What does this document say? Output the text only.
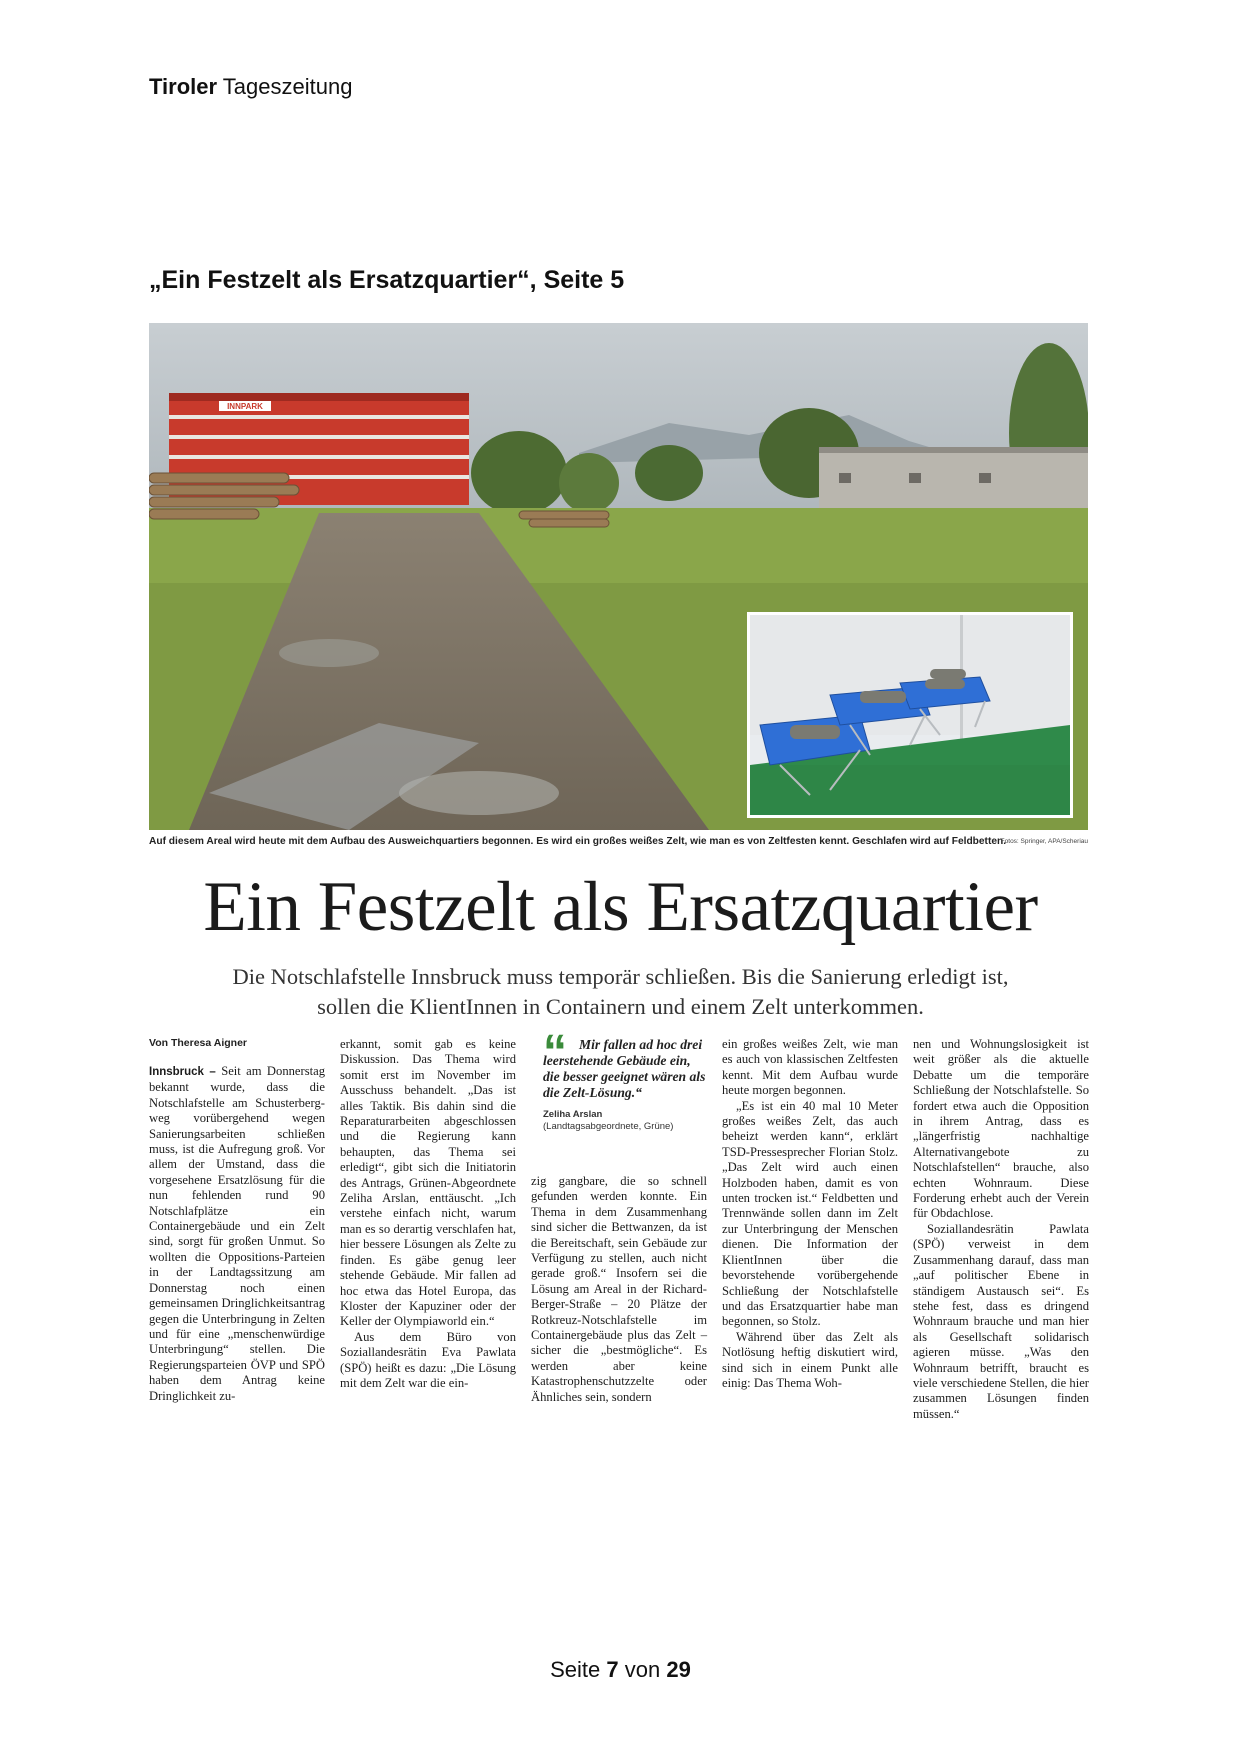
Tiroler Tageszeitung
„Ein Festzelt als Ersatzquartier“, Seite 5
INNPARK
Auf diesem Areal wird heute mit dem Aufbau des Ausweichquartiers begonnen. Es wird ein großes weißes Zelt, wie man es von Zeltfesten kennt. Geschlafen wird auf Feldbetten.
Fotos: Springer, APA/Scheriau
Ein Festzelt als Ersatzquartier
Die Notschlafstelle Innsbruck muss temporär schließen. Bis die Sanierung erledigt ist,
sollen die KlientInnen in Containern und einem Zelt unterkommen.
Von Theresa Aigner

Innsbruck – Seit am Donnerstag bekannt wurde, dass die Notschlafstelle am Schusterbergweg vorübergehend wegen Sanierungsarbeiten schließen muss, ist die Aufregung groß. Vor allem der Umstand, dass die vorgesehene Ersatzlösung für die nun fehlenden rund 90 Notschlafplätze ein Containergebäude und ein Zelt sind, sorgt für großen Unmut. So wollten die Oppositions-Parteien in der Landtagssitzung am Donnerstag noch einen gemeinsamen Dringlichkeitsantrag gegen die Unterbringung in Zelten und für eine „menschenwürdige Unterbringung“ stellen. Die Regierungsparteien ÖVP und SPÖ haben dem Antrag keine Dringlichkeit zu-

erkannt, somit gab es keine Diskussion. Das Thema wird somit erst im November im Ausschuss behandelt. „Das ist alles Taktik. Bis dahin sind die Reparaturarbeiten abgeschlossen und die Regierung kann behaupten, das Thema sei erledigt“, gibt sich die Initiatorin des Antrags, Grünen-Abgeordnete Zeliha Arslan, enttäuscht. „Ich verstehe einfach nicht, warum man es so derartig verschlafen hat, hier bessere Lösungen als Zelte zu finden. Es gäbe genug leer stehende Gebäude. Mir fallen ad hoc etwa das Hotel Europa, das Kloster der Kapuziner oder der Keller der Olympiaworld ein.“

Aus dem Büro von Soziallandesrätin Eva Pawlata (SPÖ) heißt es dazu: „Die Lösung mit dem Zelt war die ein-

“ Mir fallen ad hoc drei leerstehende Gebäude ein, die besser geeignet wären als die Zelt-Lösung.“
Zeliha Arslan
(Landtagsabgeordnete, Grüne)

zig gangbare, die so schnell gefunden werden konnte. Ein Thema in dem Zusammenhang sind sicher die Bettwanzen, da ist die Bereitschaft, sein Gebäude zur Verfügung zu stellen, auch nicht gerade groß.“ Insofern sei die Lösung am Areal in der Richard-Berger-Straße – 20 Plätze der Rotkreuz-Notschlafstelle im Containergebäude plus das Zelt – sicher die „bestmögliche“. Es werden aber keine Katastrophenschutzzelte oder Ähnliches sein, sondern

ein großes weißes Zelt, wie man es auch von klassischen Zeltfesten kennt. Mit dem Aufbau wurde heute morgen begonnen.

„Es ist ein 40 mal 10 Meter großes weißes Zelt, das auch beheizt werden kann“, erklärt TSD-Pressesprecher Florian Stolz. „Das Zelt wird auch einen Holzboden haben, damit es von unten trocken ist.“ Feldbetten und Trennwände sollen dann im Zelt zur Unterbringung der Menschen dienen. Die Information der KlientInnen über die bevorstehende vorübergehende Schließung der Notschlafstelle und das Ersatzquartier habe man begonnen, so Stolz.

Während über das Zelt als Notlösung heftig diskutiert wird, sind sich in einem Punkt alle einig: Das Thema Woh-

nen und Wohnungslosigkeit ist weit größer als die aktuelle Debatte um die temporäre Schließung der Notschlafstelle. So fordert etwa auch die Opposition in ihrem Antrag, dass es „längerfristig nachhaltige Alternativangebote zu Notschlafstellen“ brauche, also echten Wohnraum. Diese Forderung erhebt auch der Verein für Obdachlose.

Soziallandesrätin Pawlata (SPÖ) verweist in dem Zusammenhang darauf, dass man „auf politischer Ebene in ständigem Austausch sei“. Es stehe fest, dass es dringend Wohnraum brauche und man hier als Gesellschaft solidarisch agieren müsse. „Was den Wohnraum betrifft, braucht es viele verschiedene Stellen, die hier zusammen Lösungen finden müssen.“

Seite 7 von 29
